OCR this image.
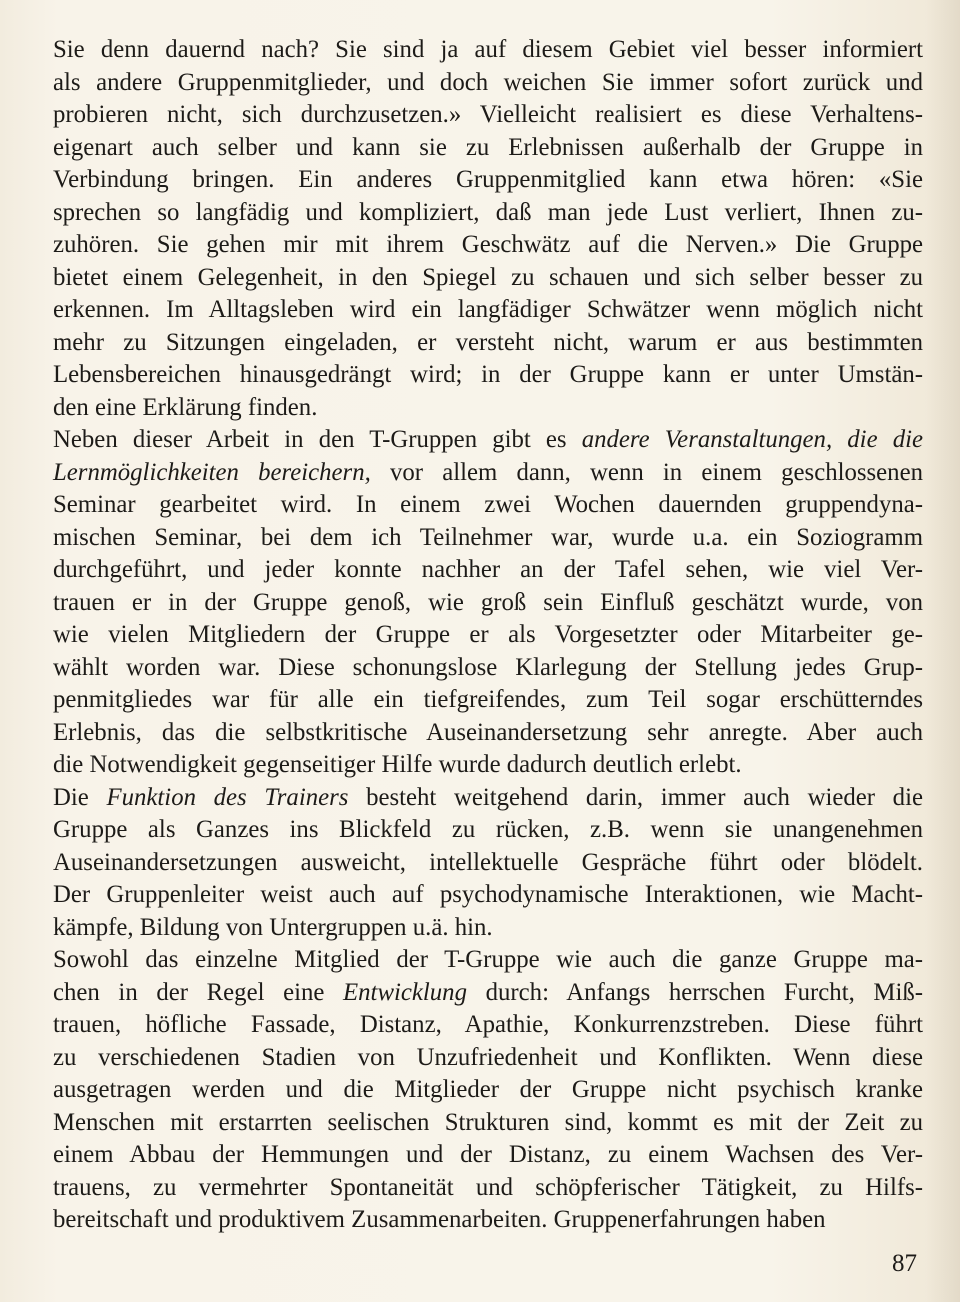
Sie denn dauernd nach? Sie sind ja auf diesem Gebiet viel besser informiert
als andere Gruppenmitglieder, und doch weichen Sie immer sofort zurück und
probieren nicht, sich durchzusetzen.» Vielleicht realisiert es diese Verhaltens-
eigenart auch selber und kann sie zu Erlebnissen außerhalb der Gruppe in
Verbindung bringen. Ein anderes Gruppenmitglied kann etwa hören: «Sie
sprechen so langfädig und kompliziert, daß man jede Lust verliert, Ihnen zu-
zuhören. Sie gehen mir mit ihrem Geschwätz auf die Nerven.» Die Gruppe
bietet einem Gelegenheit, in den Spiegel zu schauen und sich selber besser zu
erkennen. Im Alltagsleben wird ein langfädiger Schwätzer wenn möglich nicht
mehr zu Sitzungen eingeladen, er versteht nicht, warum er aus bestimmten
Lebensbereichen hinausgedrängt wird; in der Gruppe kann er unter Umstän-
den eine Erklärung finden.
Neben dieser Arbeit in den T-Gruppen gibt es andere Veranstaltungen, die die
Lernmöglichkeiten bereichern, vor allem dann, wenn in einem geschlossenen
Seminar gearbeitet wird. In einem zwei Wochen dauernden gruppendyna-
mischen Seminar, bei dem ich Teilnehmer war, wurde u.a. ein Soziogramm
durchgeführt, und jeder konnte nachher an der Tafel sehen, wie viel Ver-
trauen er in der Gruppe genoß, wie groß sein Einfluß geschätzt wurde, von
wie vielen Mitgliedern der Gruppe er als Vorgesetzter oder Mitarbeiter ge-
wählt worden war. Diese schonungslose Klarlegung der Stellung jedes Grup-
penmitgliedes war für alle ein tiefgreifendes, zum Teil sogar erschütterndes
Erlebnis, das die selbstkritische Auseinandersetzung sehr anregte. Aber auch
die Notwendigkeit gegenseitiger Hilfe wurde dadurch deutlich erlebt.
Die Funktion des Trainers besteht weitgehend darin, immer auch wieder die
Gruppe als Ganzes ins Blickfeld zu rücken, z.B. wenn sie unangenehmen
Auseinandersetzungen ausweicht, intellektuelle Gespräche führt oder blödelt.
Der Gruppenleiter weist auch auf psychodynamische Interaktionen, wie Macht-
kämpfe, Bildung von Untergruppen u.ä. hin.
Sowohl das einzelne Mitglied der T-Gruppe wie auch die ganze Gruppe ma-
chen in der Regel eine Entwicklung durch: Anfangs herrschen Furcht, Miß-
trauen, höfliche Fassade, Distanz, Apathie, Konkurrenzstreben. Diese führt
zu verschiedenen Stadien von Unzufriedenheit und Konflikten. Wenn diese
ausgetragen werden und die Mitglieder der Gruppe nicht psychisch kranke
Menschen mit erstarrten seelischen Strukturen sind, kommt es mit der Zeit zu
einem Abbau der Hemmungen und der Distanz, zu einem Wachsen des Ver-
trauens, zu vermehrter Spontaneität und schöpferischer Tätigkeit, zu Hilfs-
bereitschaft und produktivem Zusammenarbeiten. Gruppenerfahrungen haben
87
